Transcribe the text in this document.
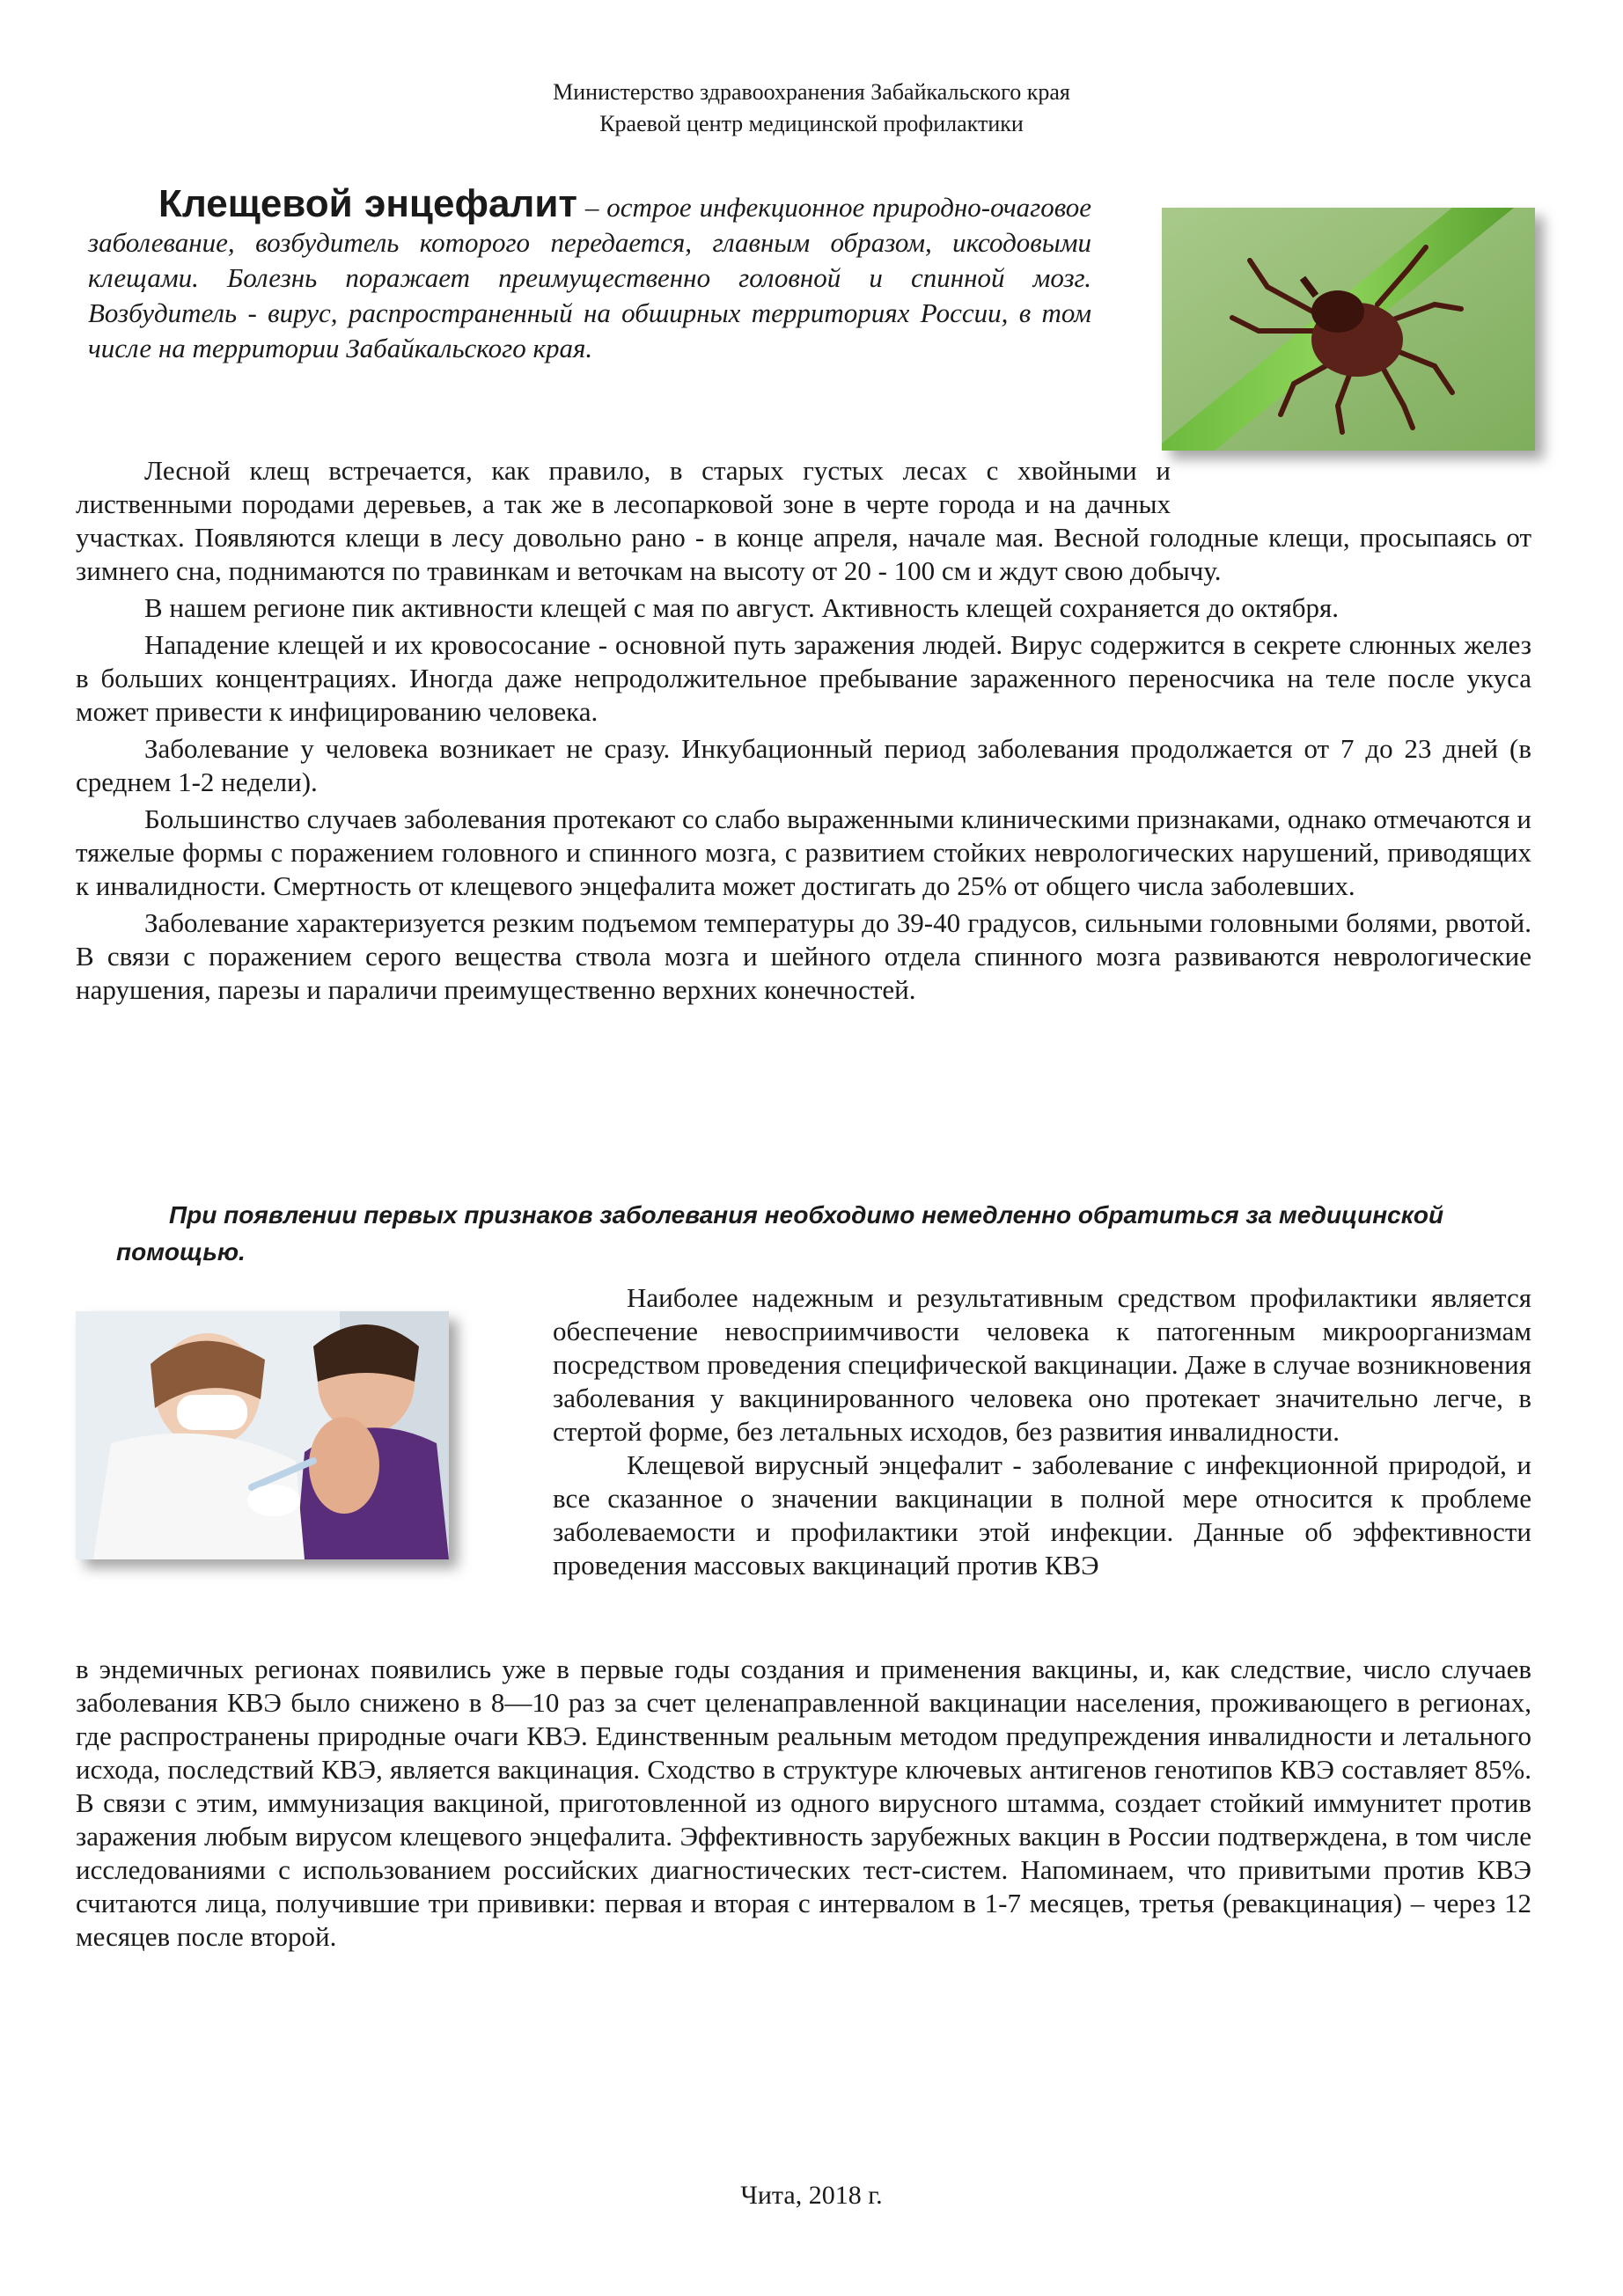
Министерство здравоохранения Забайкальского края
Краевой центр медицинской профилактики

Клещевой энцефалит – острое инфекционное природно-очаговое заболевание, возбудитель которого передается, главным образом, иксодовыми клещами. Болезнь поражает преимущественно головной и спинной мозг. Возбудитель - вирус, распространенный на обширных территориях России, в том числе на территории Забайкальского края.

Лесной клещ встречается, как правило, в старых густых лесах с хвойными и лиственными породами деревьев, а так же в лесопарковой зоне в черте города и на дачных участках. Появляются клещи в лесу довольно рано - в конце апреля, начале мая. Весной голодные клещи, просыпаясь от зимнего сна, поднимаются по травинкам и веточкам на высоту от 20 - 100 см и ждут свою добычу.

В нашем регионе пик активности клещей с мая по август. Активность клещей сохраняется до октября.

Нападение клещей и их кровососание - основной путь заражения людей. Вирус содержится в секрете слюнных желез в больших концентрациях. Иногда даже непродолжительное пребывание зараженного переносчика на теле после укуса может привести к инфицированию человека.

Заболевание у человека возникает не сразу. Инкубационный период заболевания продолжается от 7 до 23 дней (в среднем 1-2 недели).

Большинство случаев заболевания протекают со слабо выраженными клиническими признаками, однако отмечаются и тяжелые формы с поражением головного и спинного мозга, с развитием стойких неврологических нарушений, приводящих к инвалидности. Смертность от клещевого энцефалита может достигать до 25% от общего числа заболевших.

Заболевание характеризуется резким подъемом температуры до 39-40 градусов, сильными головными болями, рвотой. В связи с поражением серого вещества ствола мозга и шейного отдела спинного мозга развиваются неврологические нарушения, парезы и параличи преимущественно верхних конечностей.

При появлении первых признаков заболевания необходимо немедленно обратиться за медицинской помощью.

Наиболее надежным и результативным средством профилактики является обеспечение невосприимчивости человека к патогенным микроорганизмам посредством проведения специфической вакцинации. Даже в случае возникновения заболевания у вакцинированного человека оно протекает значительно легче, в стертой форме, без летальных исходов, без развития инвалидности.

Клещевой вирусный энцефалит - заболевание с инфекционной природой, и все сказанное о значении вакцинации в полной мере относится к проблеме заболеваемости и профилактики этой инфекции. Данные об эффективности проведения массовых вакцинаций против КВЭ

в эндемичных регионах появились уже в первые годы создания и применения вакцины, и, как следствие, число случаев заболевания КВЭ было снижено в 8—10 раз за счет целенаправленной вакцинации населения, проживающего в регионах, где распространены природные очаги КВЭ. Единственным реальным методом предупреждения инвалидности и летального исхода, последствий КВЭ, является вакцинация. Сходство в структуре ключевых антигенов генотипов КВЭ составляет 85%. В связи с этим, иммунизация вакциной, приготовленной из одного вирусного штамма, создает стойкий иммунитет против заражения любым вирусом клещевого энцефалита. Эффективность зарубежных вакцин в России подтверждена, в том числе исследованиями с использованием российских диагностических тест-систем. Напоминаем, что привитыми против КВЭ считаются лица, получившие три прививки: первая и вторая с интервалом в 1-7 месяцев, третья (ревакцинация) – через 12 месяцев после второй.

Чита, 2018 г.
